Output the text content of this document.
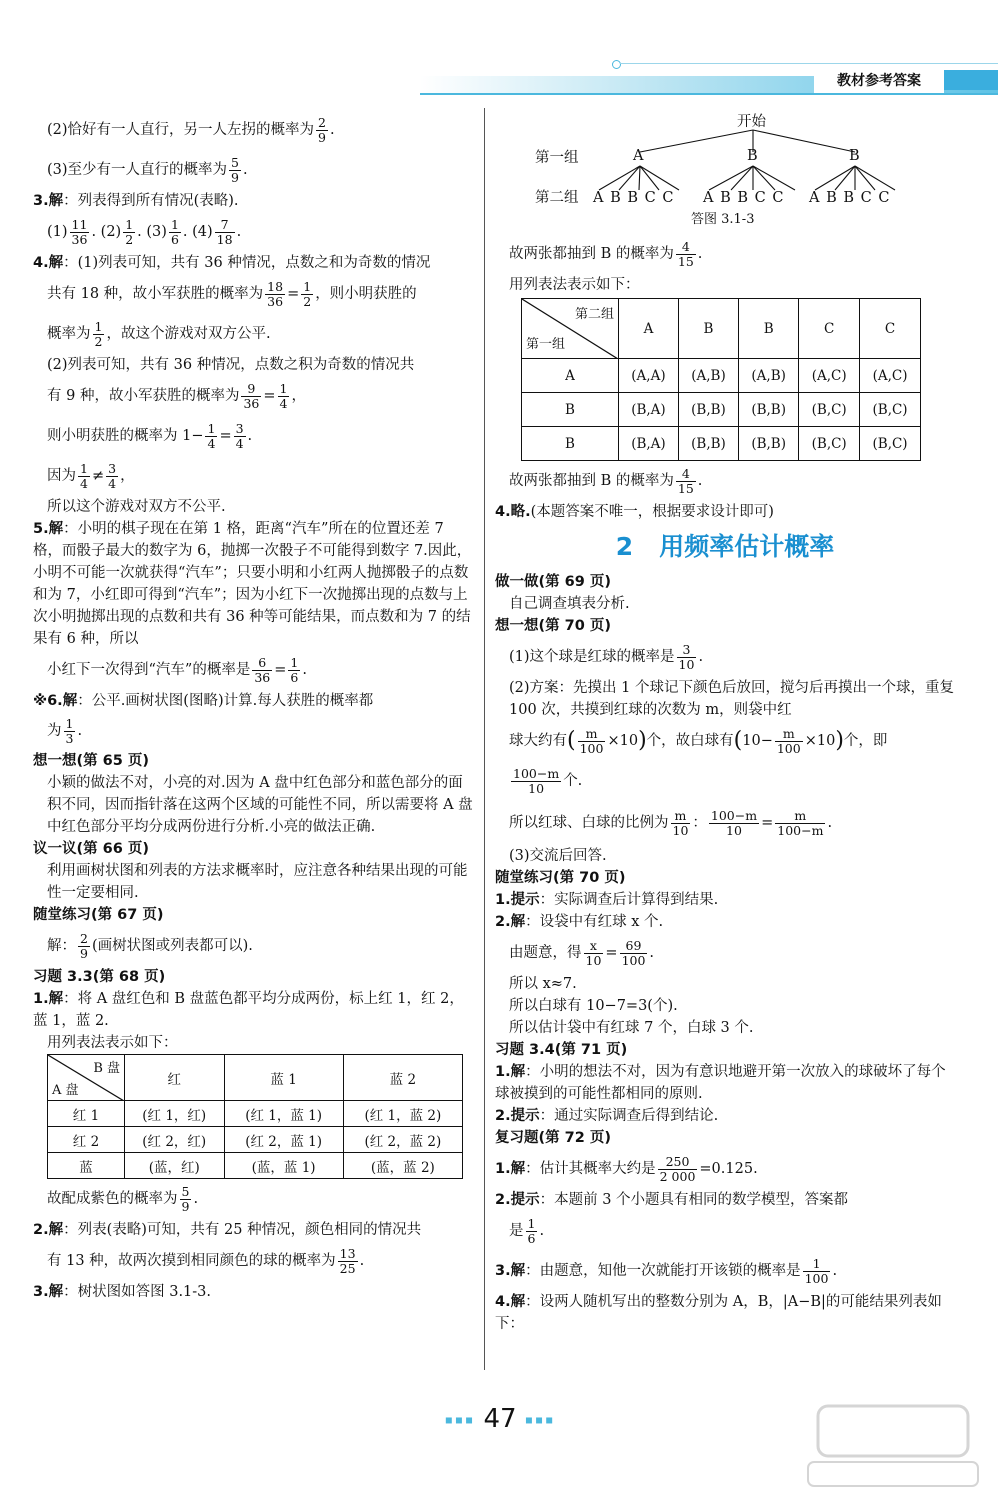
教材参考答案

(2)恰好有一人直行，另一人左拐的概率为 $\frac{2}{9}$ .

(3)至少有一人直行的概率为 $\frac{5}{9}$ .

3.解：列表得到所有情况(表略).

$(1) \frac{11}{36}$ . $(2) \frac{1}{2}$ . $(3) \frac{1}{6}$ . $(4) \frac{7}{18}$ .

4.解：(1)列表可知，共有 36 种情况，点数之和为奇数的情况

共有 18 种，故小军获胜的概率为 $\frac{18}{36} = \frac{1}{2}$ ，则小明获胜的

概率为 $\frac{1}{2}$ ，故这个游戏对双方公平.

(2)列表可知，共有 36 种情况，点数之积为奇数的情况共

有 9 种，故小军获胜的概率为 $\frac{9}{36} = \frac{1}{4}$ ，

则小明获胜的概率为 $1- \frac{1}{4} = \frac{3}{4}$ .

因为 $\frac{1}{4} \ne \frac{3}{4}$ ，

所以这个游戏对双方不公平.

5.解：小明的棋子现在在第 1 格，距离“汽车”所在的位置还差 7 格，而骰子最大的数字为 6，抛掷一次骰子不可能得到数字 7.因此，小明不可能一次就获得“汽车”；只要小明和小红两人抛掷骰子的点数和为 7，小红即可得到“汽车”；因为小红下一次抛掷出现的点数与上次小明抛掷出现的点数和共有 36 种等可能结果，而点数和为 7 的结果有 6 种，所以

小红下一次得到“汽车”的概率是 $\frac{6}{36} = \frac{1}{6}$ .

※6.解：公平.画树状图(图略)计算.每人获胜的概率都

为 $\frac{1}{3}$ .

想一想(第 65 页)

小颖的做法不对，小亮的对.因为 A 盘中红色部分和蓝色部分的面积不同，因而指针落在这两个区域的可能性不同，所以需要将 A 盘中红色部分平均分成两份进行分析.小亮的做法正确.

议一议(第 66 页)

利用画树状图和列表的方法求概率时，应注意各种结果出现的可能性一定要相同.

随堂练习(第 67 页)

解： $\frac{2}{9}$ (画树状图或列表都可以).

习题 3.3(第 68 页)

1.解：将 A 盘红色和 B 盘蓝色都平均分成两份，标上红 1，红 2，蓝 1，蓝 2.

用列表法表示如下：

B 盘
A 盘	红	蓝 1	蓝 2
红 1	(红 1，红)	(红 1，蓝 1)	(红 1，蓝 2)
红 2	(红 2，红)	(红 2，蓝 1)	(红 2，蓝 2)
蓝	(蓝，红)	(蓝，蓝 1)	(蓝，蓝 2)

故配成紫色的概率为 $\frac{5}{9}$ .

2.解：列表(表略)可知，共有 25 种情况，颜色相同的情况共

有 13 种，故两次摸到相同颜色的球的概率为 $\frac{13}{25}$ .

3.解：树状图如答图 3.1-3.

开始
第一组	A	B	B
第二组 A B B C C A B B C C A B B C C
答图 3.1-3

故两张都抽到 B 的概率为 $\frac{4}{15}$ .

用列表法表示如下：

第二组
第一组	A	B	B	C	C
A	(A,A)	(A,B)	(A,B)	(A,C)	(A,C)
B	(B,A)	(B,B)	(B,B)	(B,C)	(B,C)
B	(B,A)	(B,B)	(B,B)	(B,C)	(B,C)

故两张都抽到 B 的概率为 $\frac{4}{15}$ .

4.略.(本题答案不唯一，根据要求设计即可)

2 用频率估计概率

做一做(第 69 页)

自己调查填表分析.

想一想(第 70 页)

(1)这个球是红球的概率是 $\frac{3}{10}$ .

(2)方案：先摸出 1 个球记下颜色后放回，搅匀后再摸出一个球，重复 100 次，共摸到红球的次数为 m，则袋中红

球大约有( $\frac{m}{100} \times 10$)个，故白球有$(10- \frac{m}{100} \times 10)$个，即

$\frac{100-m}{10}$ 个.

所以红球、白球的比例为 $\frac{m}{10}$ ： $\frac{100-m}{10} = \frac{m}{100-m}$ .

(3)交流后回答.

随堂练习(第 70 页)

1.提示：实际调查后计算得到结果.

2.解：设袋中有红球 x 个.

由题意，得 $\frac{x}{10} = \frac{69}{100}$ .

所以 x≈7.

所以白球有 10−7=3(个).

所以估计袋中有红球 7 个，白球 3 个.

习题 3.4(第 71 页)

1.解：小明的想法不对，因为有意识地避开第一次放入的球破坏了每个球被摸到的可能性都相同的原则.

2.提示：通过实际调查后得到结论.

复习题(第 72 页)

1.解：估计其概率大约是 $\frac{250}{2 000} =0.125$.

2.提示：本题前 3 个小题具有相同的数学模型，答案都

是 $\frac{1}{6}$ .

3.解：由题意，知他一次就能打开该锁的概率是 $\frac{1}{100}$ .

4.解：设两人随机写出的整数分别为 A，B，|A−B|的可能结果列表如下：

▪▪▪ 47 ▪▪▪
